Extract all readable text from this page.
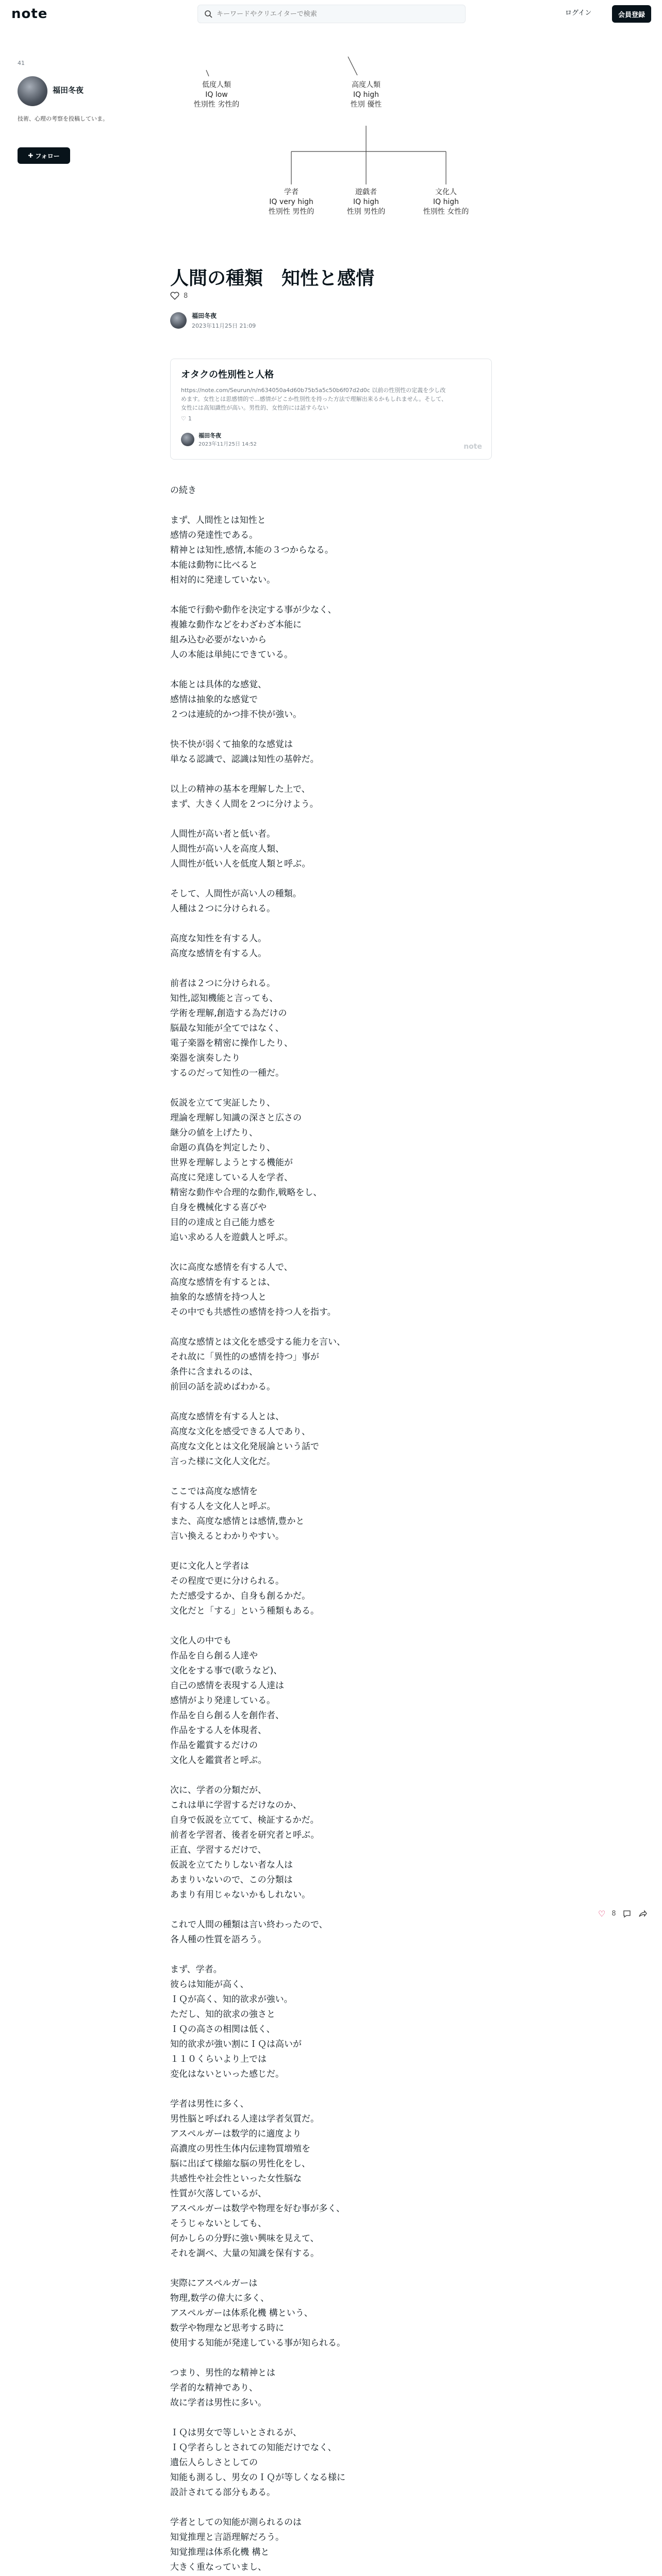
note
キーワードやクリエイターで検索	ログイン	会員登録
41
福田冬夜
技術、心理の考察を投稿していま。
✚ フォロー
低度人類
IQ low
性別性 劣性的
高度人類
IQ high
性別 優性
学者
IQ very high
性別性 男性的
遊戯者
IQ high
性別 男性的
文化人
IQ high
性別性 女性的
人間の種類　知性と感情
8
福田冬夜
2023年11月25日 21:09
オタクの性別性と人格
https://note.com/Seurun/n/n634050a4d60b75b5a5c50b6f07d2d0c 以前の性別性の定義を少し改めます。女性とは思感情的で...感情がどこか性別性を持った方法で理解出来るかもしれません。そして、女性には高知識性が高い。男性的、女性的には話すらない
♡ 1
福田冬夜
2023年11月25日 14:52	note

の続き

まず、人間性とは知性と
感情の発達性である。
精神とは知性,感情,本能の３つからなる。
本能は動物に比べると
相対的に発達していない。

本能で行動や動作を決定する事が少なく、
複雑な動作などをわざわざ本能に
組み込む必要がないから
人の本能は単純にできている。

本能とは具体的な感覚、
感情は抽象的な感覚で
２つは連続的かつ排不快が強い。

快不快が弱くて抽象的な感覚は
単なる認識で、認識は知性の基幹だ。

以上の精神の基本を理解した上で、
まず、大きく人間を２つに分けよう。

人間性が高い者と低い者。
人間性が高い人を高度人類、
人間性が低い人を低度人類と呼ぶ。

そして、人間性が高い人の種類。
人種は２つに分けられる。

高度な知性を有する人。
高度な感情を有する人。

前者は２つに分けられる。
知性,認知機能と言っても、
学術を理解,創造する為だけの
脳最な知能が全てではなく、
電子楽器を精密に操作したり、
楽器を演奏したり
するのだって知性の一種だ。

仮説を立てて実証したり、
理論を理解し知識の深さと広さの
継分の値を上げたり、
命題の真偽を判定したり、
世界を理解しようとする機能が
高度に発達している人を学者、
精密な動作や合理的な動作,戦略をし、
自身を機械化する喜びや
目的の達成と自己能力感を
追い求める人を遊戯人と呼ぶ。

次に高度な感情を有する人で、
高度な感情を有するとは、
抽象的な感情を持つ人と
その中でも共感性の感情を持つ人を指す。

高度な感情とは文化を感受する能力を言い、
それ故に「異性的の感情を持つ」事が
条件に含まれるのは、
前回の話を読めばわかる。

高度な感情を有する人とは、
高度な文化を感受できる人であり、
高度な文化とは文化発展論という話で
言った様に文化人文化だ。

ここでは高度な感情を
有する人を文化人と呼ぶ。
また、高度な感情とは感情,豊かと
言い換えるとわかりやすい。

更に文化人と学者は
その程度で更に分けられる。
ただ感受するか、自身も創るかだ。
文化だと「する」という種類もある。

文化人の中でも
作品を自ら創る人達や
文化をする事で(歌うなど)、
自己の感情を表現する人達は
感情がより発達している。
作品を自ら創る人を創作者、
作品をする人を体現者、
作品を鑑賞するだけの
文化人を鑑賞者と呼ぶ。

次に、学者の分類だが、
これは単に学習するだけなのか、
自身で仮説を立てて、検証するかだ。
前者を学習者、後者を研究者と呼ぶ。
正直、学習するだけで、
仮説を立てたりしない者な人は
あまりいないので、この分類は
あまり有用じゃないかもしれない。

これで人間の種類は言い終わったので、
各人種の性質を語ろう。

まず、学者。
彼らは知能が高く、
ＩＱが高く、知的欲求が強い。
ただし、知的欲求の強さと
ＩＱの高さの相関は低く、
知的欲求が強い割にＩＱは高いが
１１０くらいより上では
変化はないといった感じだ。

学者は男性に多く、
男性脳と呼ばれる人達は学者気質だ。
アスペルガーは数学的に適度より
高濃度の男性生体内伝達物質増殖を
脳に出ぼて様縮な脳の男性化をし、
共感性や社会性といった女性脳な
性質が欠落しているが、
アスペルガーは数学や物理を好む事が多く、
そうじゃないとしても、
何かしらの分野に強い興味を見えて、
それを調べ、大量の知識を保有する。

実際にアスペルガーは
物理,数学の偉大に多く、
アスペルガーは体系化機 構という、
数学や物理など思考する時に
使用する知能が発達している事が知られる。

つまり、男性的な精神とは
学者的な精神であり、
故に学者は男性に多い。

ＩＱは男女で等しいとされるが、
ＩＱ学者らしとされての知能だけでなく、
遺伝人らしさとしての
知能も測るし、男女のＩＱが等しくなる様に
設計されてる部分もある。

学者としての知能が測られるのは
知覚推理と言語理解だろう。
知覚推理は体系化機 構と
大きく重なっていまし、

♡ 8
